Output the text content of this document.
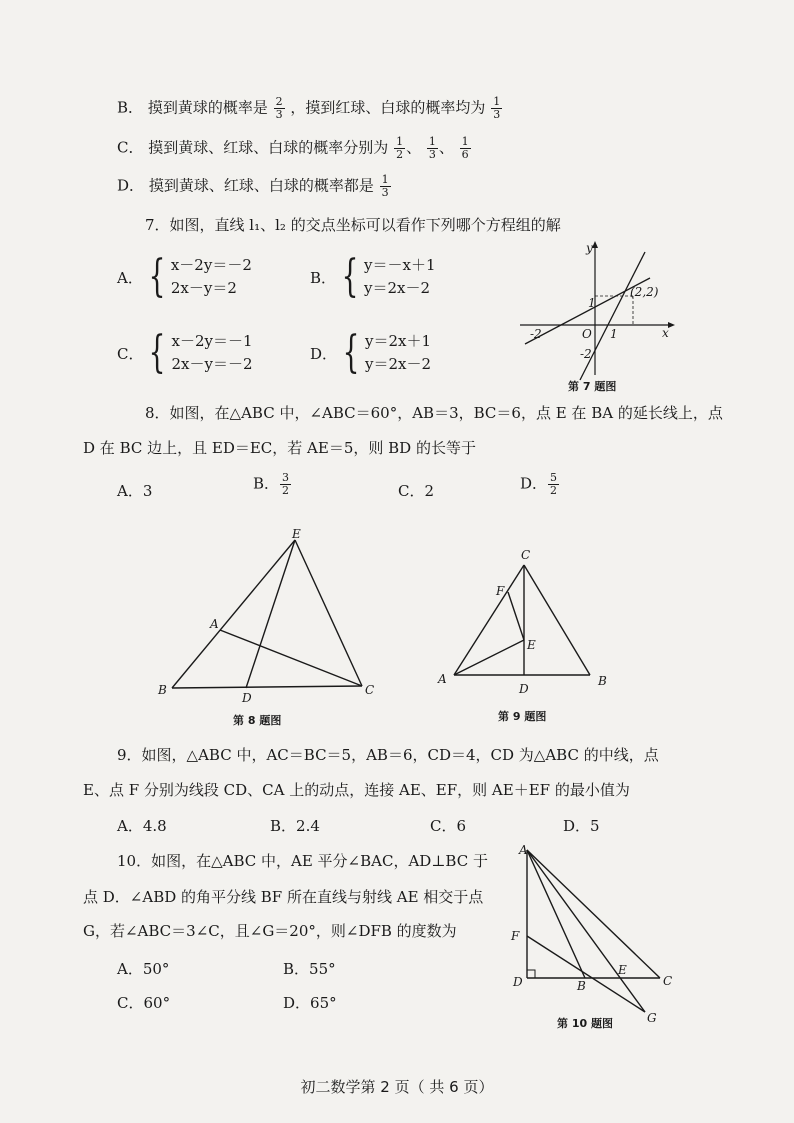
B． 摸到黄球的概率是 $\frac{2}{3}$ ，摸到红球、白球的概率均为 $\frac{1}{3}$
C． 摸到黄球、红球、白球的概率分别为 $\frac{1}{2}$ 、 $\frac{1}{3}$ 、 $\frac{1}{6}$
D． 摸到黄球、红球、白球的概率都是 $\frac{1}{3}$
7．如图，直线 l₁、l₂ 的交点坐标可以看作下列哪个方程组的解
A． { x－2y＝－2
2x－y＝2
B． { y＝－x＋1
y＝2x－2
C． { x－2y＝－1
2x－y＝－2
D． { y＝2x＋1
y＝2x－2
y
x
O
(2,2)
-2	1
1
-2
第 7 题图
8．如图，在△ABC 中，∠ABC＝60°，AB＝3，BC＝6，点 E 在 BA 的延长线上，点
D 在 BC 边上，且 ED＝EC，若 AE＝5，则 BD 的长等于
A．3	B． $\frac{3}{2}$	C．2	D． $\frac{5}{2}$
E
A
B
D
C
第 8 题图
C
F
E
A
D
B
第 9 题图
9．如图，△ABC 中，AC＝BC＝5，AB＝6，CD＝4，CD 为△ABC 的中线，点
E、点 F 分别为线段 CD、CA 上的动点，连接 AE、EF，则 AE＋EF 的最小值为
A．4.8	B．2.4	C．6	D．5
10．如图，在△ABC 中，AE 平分∠BAC，AD⊥BC 于
点 D．∠ABD 的角平分线 BF 所在直线与射线 AE 相交于点
G，若∠ABC＝3∠C，且∠G＝20°，则∠DFB 的度数为
A．50°	B．55°
C．60°	D．65°
A
F
D	B
E
C
G
第 10 题图
初二数学第 2 页（ 共 6 页）
